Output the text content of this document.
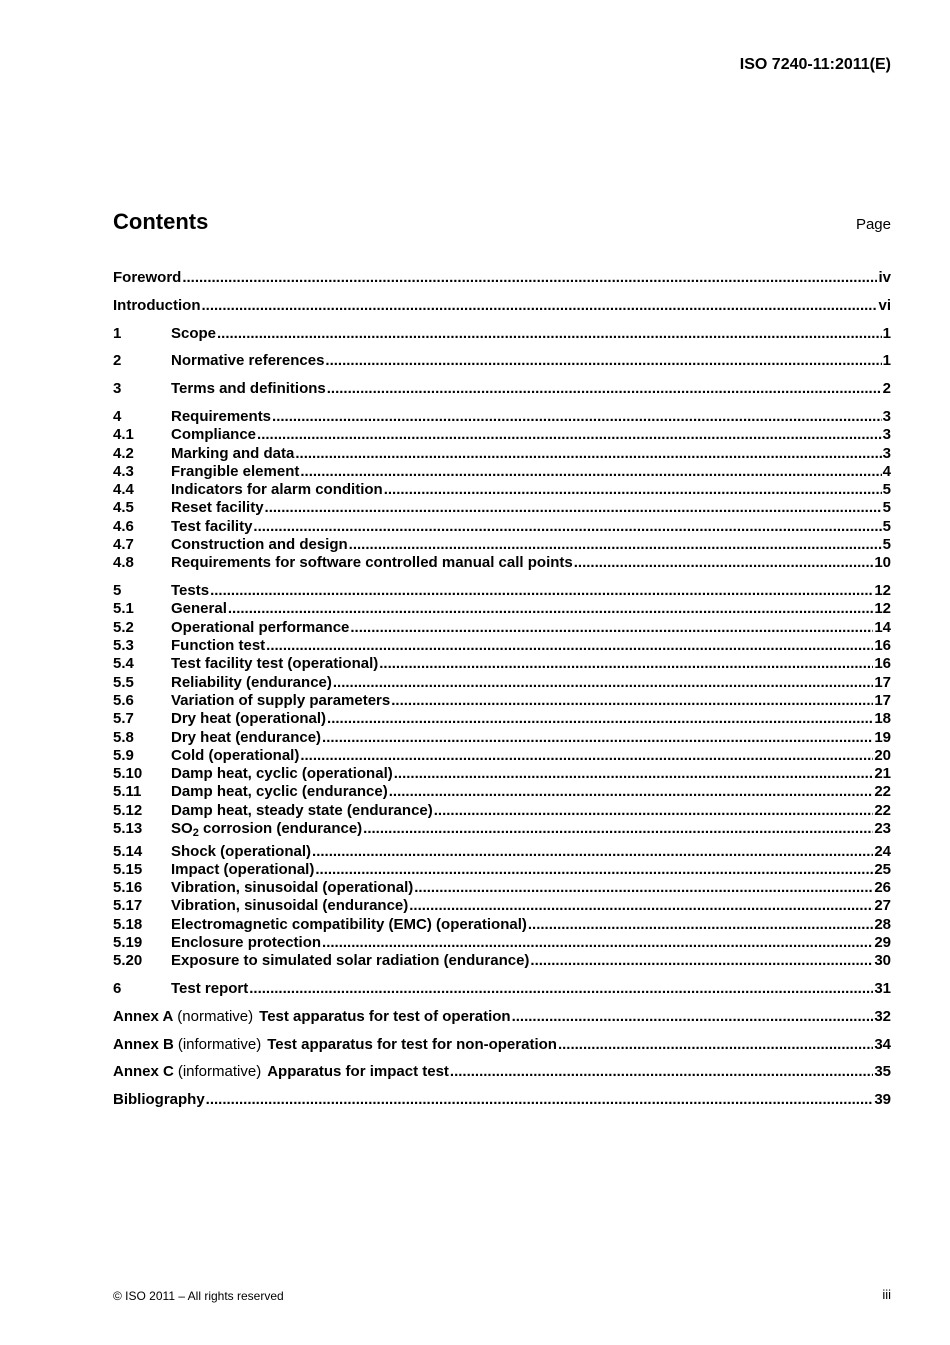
ISO 7240-11:2011(E)
Contents	Page
Foreword .....	iv
Introduction .....	vi
1	Scope .....	1
2	Normative references .....	1
3	Terms and definitions .....	2
4	Requirements .....	3
4.1	Compliance .....	3
4.2	Marking and data .....	3
4.3	Frangible element .....	4
4.4	Indicators for alarm condition .....	5
4.5	Reset facility .....	5
4.6	Test facility .....	5
4.7	Construction and design .....	5
4.8	Requirements for software controlled manual call points .....	10
5	Tests .....	12
5.1	General .....	12
5.2	Operational performance .....	14
5.3	Function test .....	16
5.4	Test facility test (operational) .....	16
5.5	Reliability (endurance) .....	17
5.6	Variation of supply parameters .....	17
5.7	Dry heat (operational) .....	18
5.8	Dry heat (endurance) .....	19
5.9	Cold (operational) .....	20
5.10	Damp heat, cyclic (operational) .....	21
5.11	Damp heat, cyclic (endurance) .....	22
5.12	Damp heat, steady state (endurance) .....	22
5.13	$SO_2$ corrosion (endurance) .....	23
5.14	Shock (operational) .....	24
5.15	Impact (operational) .....	25
5.16	Vibration, sinusoidal (operational) .....	26
5.17	Vibration, sinusoidal (endurance) .....	27
5.18	Electromagnetic compatibility (EMC) (operational) .....	28
5.19	Enclosure protection .....	29
5.20	Exposure to simulated solar radiation (endurance) .....	30
6	Test report .....	31
Annex A (normative) Test apparatus for test of operation .....	32
Annex B (informative) Test apparatus for test for non-operation .....	34
Annex C (informative) Apparatus for impact test .....	35
Bibliography .....	39
© ISO 2011 – All rights reserved	iii
